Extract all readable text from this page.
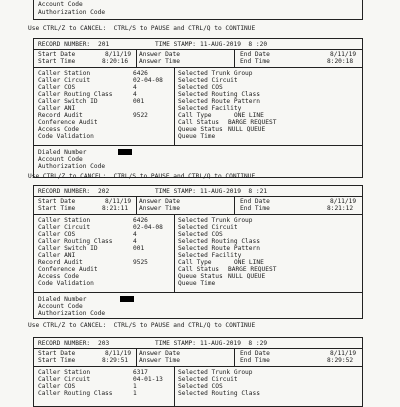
Account Code
Authorization Code
Use CTRL/Z to CANCEL:  CTRL/S to PAUSE and CTRL/Q to CONTINUE
RECORD NUMBER: 201	TIME STAMP: 11-AUG-2019  8 :20
Start Date	8/11/19
Start Time	8:20:16
Answer Date
Answer Time
End Date	8/11/19
End Time	8:20:18
Caller Station	6426
Caller Circuit	02-04-08
Caller COS	4
Caller Routing Class	4
Caller Switch ID	001
Caller ANI
Record Audit	9522
Conference Audit
Access Code
Code Validation
Selected Trunk Group
Selected Circuit
Selected COS
Selected Routing Class
Selected Route Pattern
Selected Facility
Call Type	ONE LINE
Call Status BARGE REQUEST
Queue Status NULL QUEUE
Queue Time
Dialed Number
Account Code
Authorization Code
Use CTRL/Z to CANCEL:  CTRL/S to PAUSE and CTRL/Q to CONTINUE
RECORD NUMBER: 202	TIME STAMP: 11-AUG-2019  8 :21
Start Date	8/11/19
Start Time	8:21:11
Answer Date
Answer Time
End Date	8/11/19
End Time	8:21:12
Caller Station	6426
Caller Circuit	02-04-08
Caller COS	4
Caller Routing Class	4
Caller Switch ID	001
Caller ANI
Record Audit	9525
Conference Audit
Access Code
Code Validation
Selected Trunk Group
Selected Circuit
Selected COS
Selected Routing Class
Selected Route Pattern
Selected Facility
Call Type	ONE LINE
Call Status BARGE REQUEST
Queue Status NULL QUEUE
Queue Time
Dialed Number
Account Code
Authorization Code
Use CTRL/Z to CANCEL:  CTRL/S to PAUSE and CTRL/Q to CONTINUE
RECORD NUMBER: 203	TIME STAMP: 11-AUG-2019  8 :29
Start Date	8/11/19
Start Time	8:29:51
Answer Date
Answer Time
End Date	8/11/19
End Time	8:29:52
Caller Station	6317
Caller Circuit	04-01-13
Caller COS	1
Caller Routing Class	1
Selected Trunk Group
Selected Circuit
Selected COS
Selected Routing Class
